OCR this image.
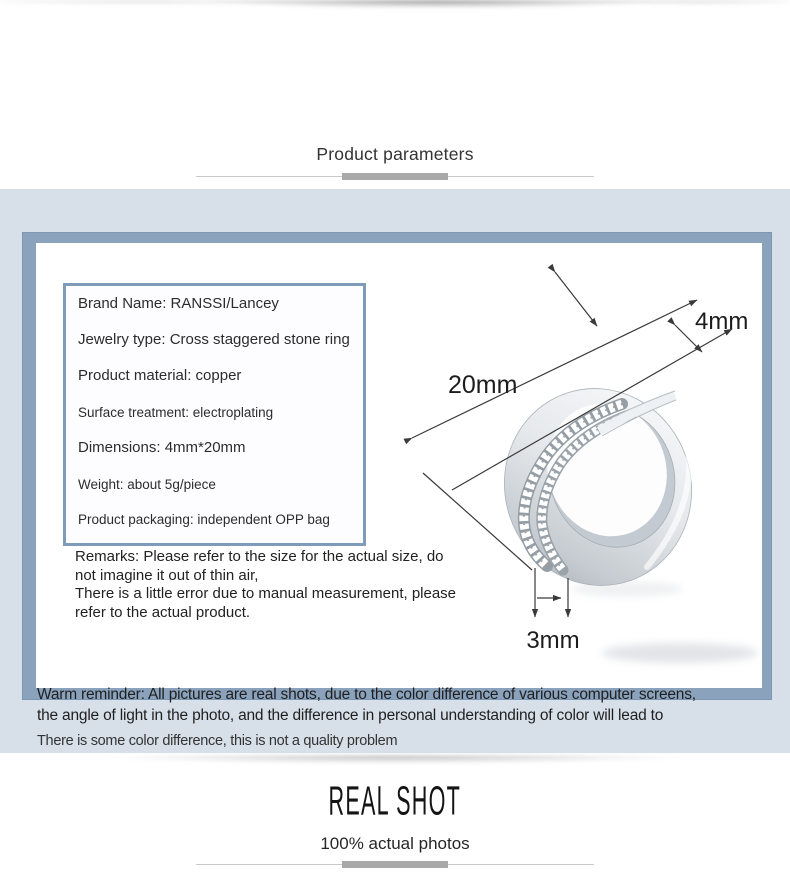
Product parameters
Brand Name: RANSSI/Lancey
Jewelry type: Cross staggered stone ring
Product material: copper
Surface treatment: electroplating
Dimensions: 4mm*20mm
Weight: about 5g/piece
Product packaging: independent OPP bag
Remarks: Please refer to the size for the actual size, do
not imagine it out of thin air,
There is a little error due to manual measurement, please
refer to the actual product.
20mm
4mm
3mm
Warm reminder: All pictures are real shots, due to the color difference of various computer screens,
the angle of light in the photo, and the difference in personal understanding of color will lead to
There is some color difference, this is not a quality problem
REAL SHOT
100% actual photos
